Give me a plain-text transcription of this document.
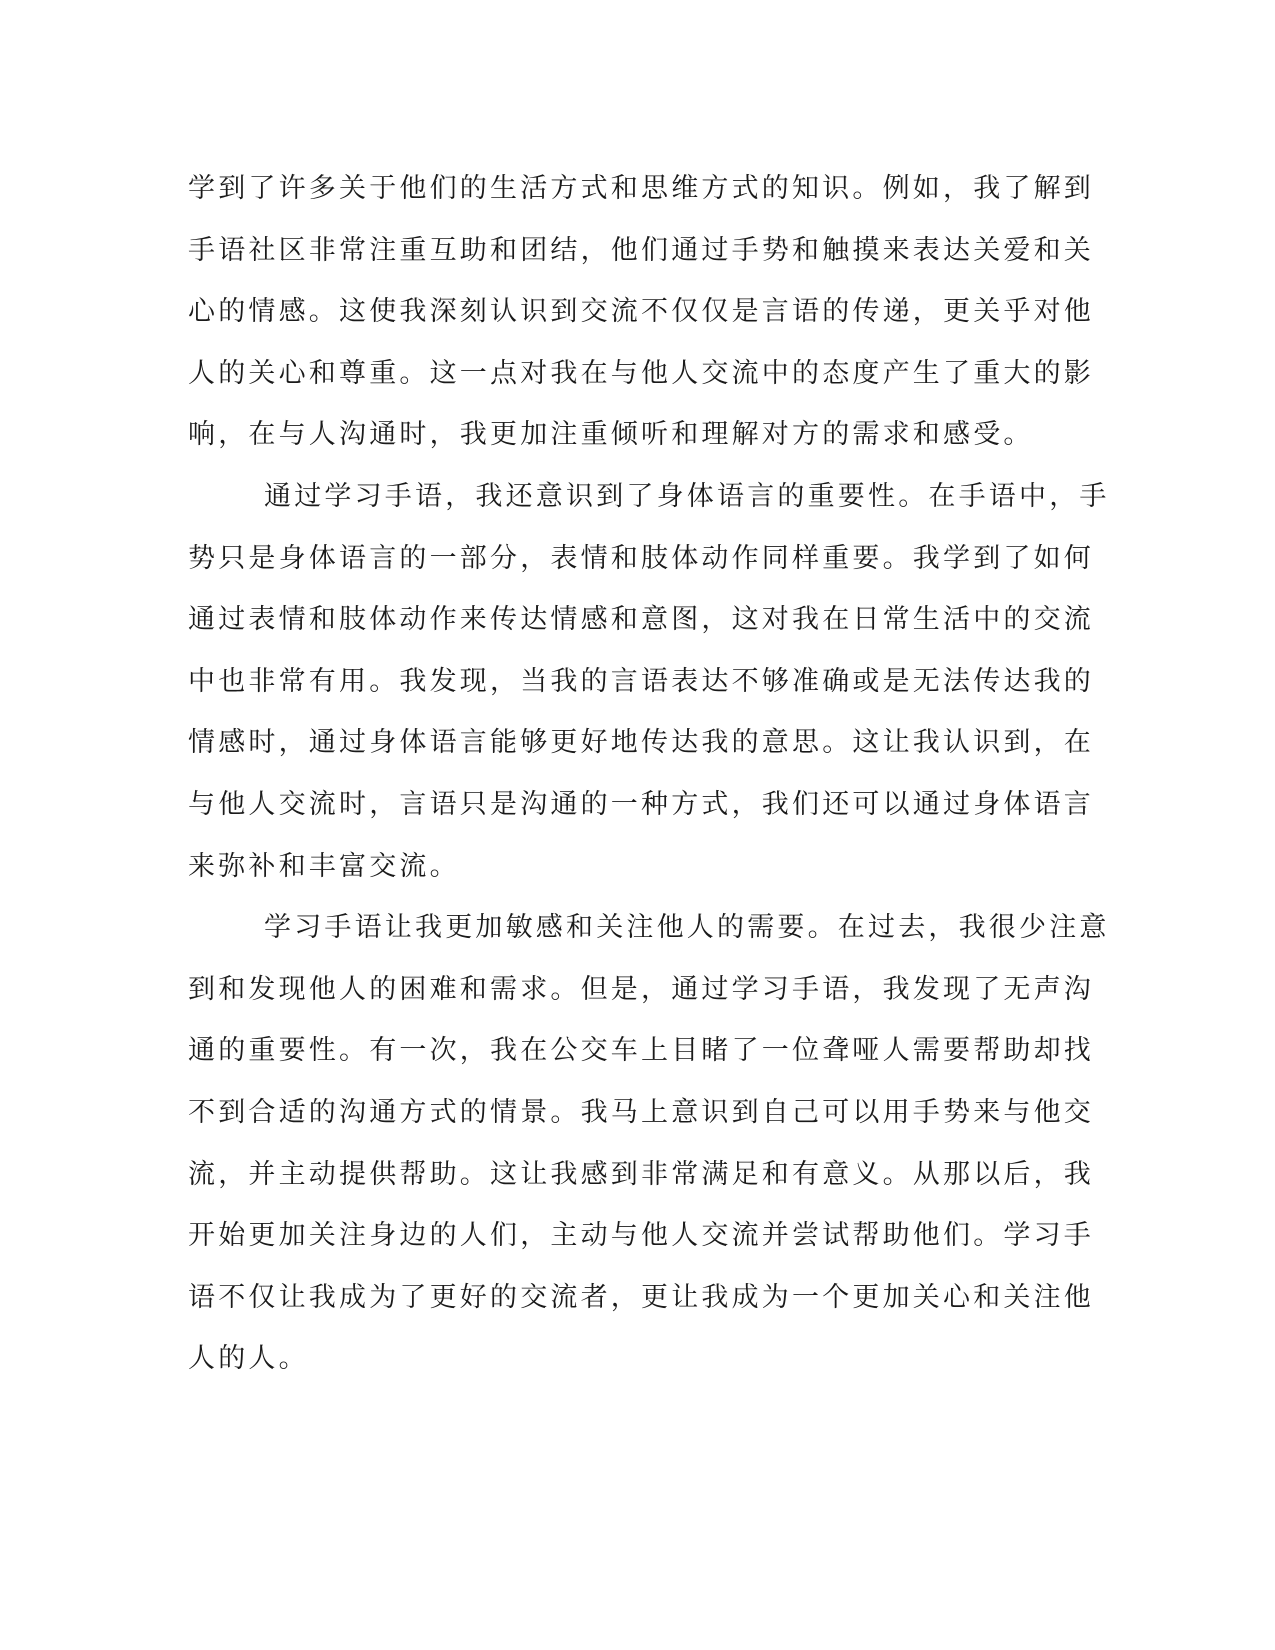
学到了许多关于他们的生活方式和思维方式的知识。例如，我了解到
手语社区非常注重互助和团结，他们通过手势和触摸来表达关爱和关
心的情感。这使我深刻认识到交流不仅仅是言语的传递，更关乎对他
人的关心和尊重。这一点对我在与他人交流中的态度产生了重大的影
响，在与人沟通时，我更加注重倾听和理解对方的需求和感受。
通过学习手语，我还意识到了身体语言的重要性。在手语中，手
势只是身体语言的一部分，表情和肢体动作同样重要。我学到了如何
通过表情和肢体动作来传达情感和意图，这对我在日常生活中的交流
中也非常有用。我发现，当我的言语表达不够准确或是无法传达我的
情感时，通过身体语言能够更好地传达我的意思。这让我认识到，在
与他人交流时，言语只是沟通的一种方式，我们还可以通过身体语言
来弥补和丰富交流。
学习手语让我更加敏感和关注他人的需要。在过去，我很少注意
到和发现他人的困难和需求。但是，通过学习手语，我发现了无声沟
通的重要性。有一次，我在公交车上目睹了一位聋哑人需要帮助却找
不到合适的沟通方式的情景。我马上意识到自己可以用手势来与他交
流，并主动提供帮助。这让我感到非常满足和有意义。从那以后，我
开始更加关注身边的人们，主动与他人交流并尝试帮助他们。学习手
语不仅让我成为了更好的交流者，更让我成为一个更加关心和关注他
人的人。
